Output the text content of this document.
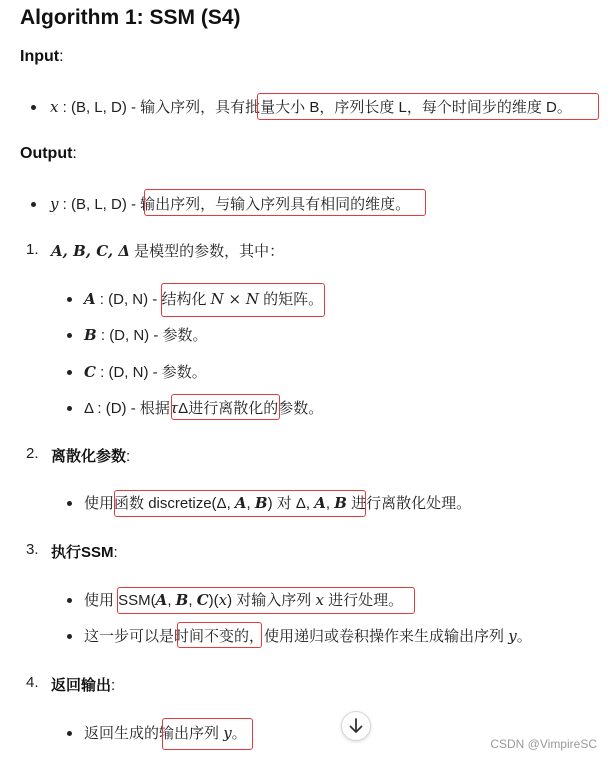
Algorithm 1: SSM (S4)
Input:
x : (B, L, D) - 输入序列，具有批量大小 B，序列长度 L，每个时间步的维度 D。
Output:
y : (B, L, D) - 输出序列，与输入序列具有相同的维度。
1. A, B, C, Δ 是模型的参数，其中：
A : (D, N) - 结构化 N × N 的矩阵。
B : (D, N) - 参数。
C : (D, N) - 参数。
Δ : (D) - 根据τΔ进行离散化的参数。
2. 离散化参数:
使用函数 discretize(Δ, A, B) 对 Δ, A, B 进行离散化处理。
3. 执行SSM:
使用 SSM(A, B, C)(x) 对输入序列 x 进行处理。
这一步可以是时间不变的，使用递归或卷积操作来生成输出序列 y。
4. 返回输出:
返回生成的输出序列 y。
CSDN @VimpireSC
